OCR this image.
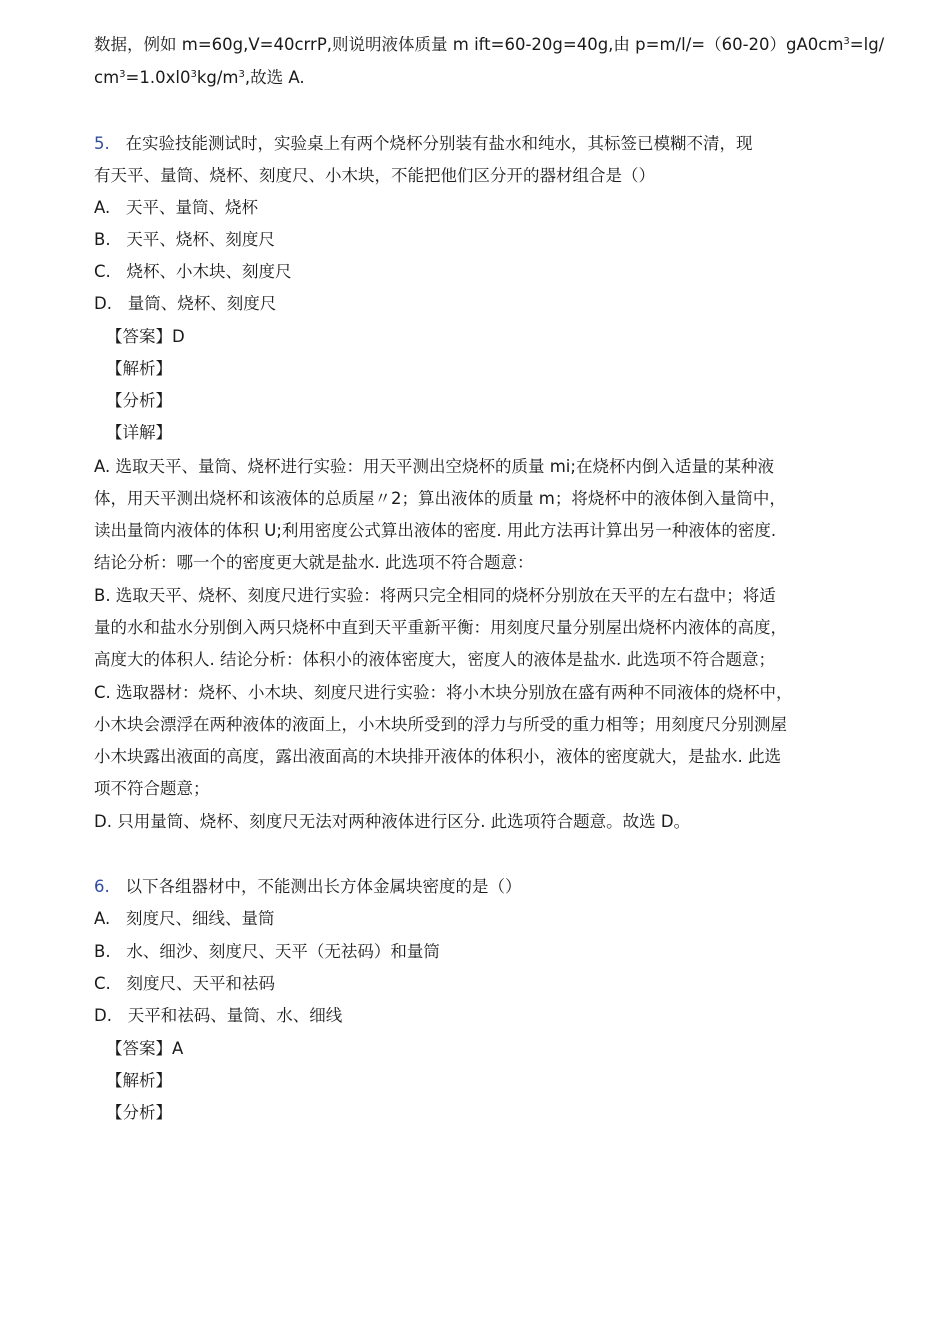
数据，例如 m=60g,V=40crrP,则说明液体质量 m ift=60-20g=40g,由 $p=m/l/=(60-20)gA0cm^3=\lg/$
$cm^3=1.0xl0^3kg/m^3$,故选 A.
5. 在实验技能测试时，实验桌上有两个烧杯分别装有盐水和纯水，其标签已模糊不清，现
有天平、量筒、烧杯、刻度尺、小木块，不能把他们区分开的器材组合是（）
A. 天平、量筒、烧杯
B. 天平、烧杯、刻度尺
C. 烧杯、小木块、刻度尺
D. 量筒、烧杯、刻度尺
【答案】D
【解析】
【分析】
【详解】
A. 选取天平、量筒、烧杯进行实验：用天平测出空烧杯的质量 mi;在烧杯内倒入适量的某种液
体，用天平测出烧杯和该液体的总质屋〃2；算出液体的质量 m；将烧杯中的液体倒入量筒中，
读出量筒内液体的体积 U;利用密度公式算出液体的密度. 用此方法再计算出另一种液体的密度.
结论分析：哪一个的密度更大就是盐水. 此选项不符合题意：
B. 选取天平、烧杯、刻度尺进行实验：将两只完全相同的烧杯分别放在天平的左右盘中；将适
量的水和盐水分别倒入两只烧杯中直到天平重新平衡：用刻度尺量分别屋出烧杯内液体的高度，
高度大的体积人. 结论分析：体积小的液体密度大，密度人的液体是盐水. 此选项不符合题意；
C. 选取器材：烧杯、小木块、刻度尺进行实验：将小木块分别放在盛有两种不同液体的烧杯中，
小木块会漂浮在两种液体的液面上，小木块所受到的浮力与所受的重力相等；用刻度尺分别测屋
小木块露出液面的高度，露出液面高的木块排开液体的体积小，液体的密度就大，是盐水. 此选
项不符合题意；
D. 只用量筒、烧杯、刻度尺无法对两种液体进行区分. 此选项符合题意。故选 D。
6. 以下各组器材中，不能测出长方体金属块密度的是（）
A. 刻度尺、细线、量筒
B. 水、细沙、刻度尺、天平（无祛码）和量筒
C. 刻度尺、天平和祛码
D. 天平和祛码、量筒、水、细线
【答案】A
【解析】
【分析】
